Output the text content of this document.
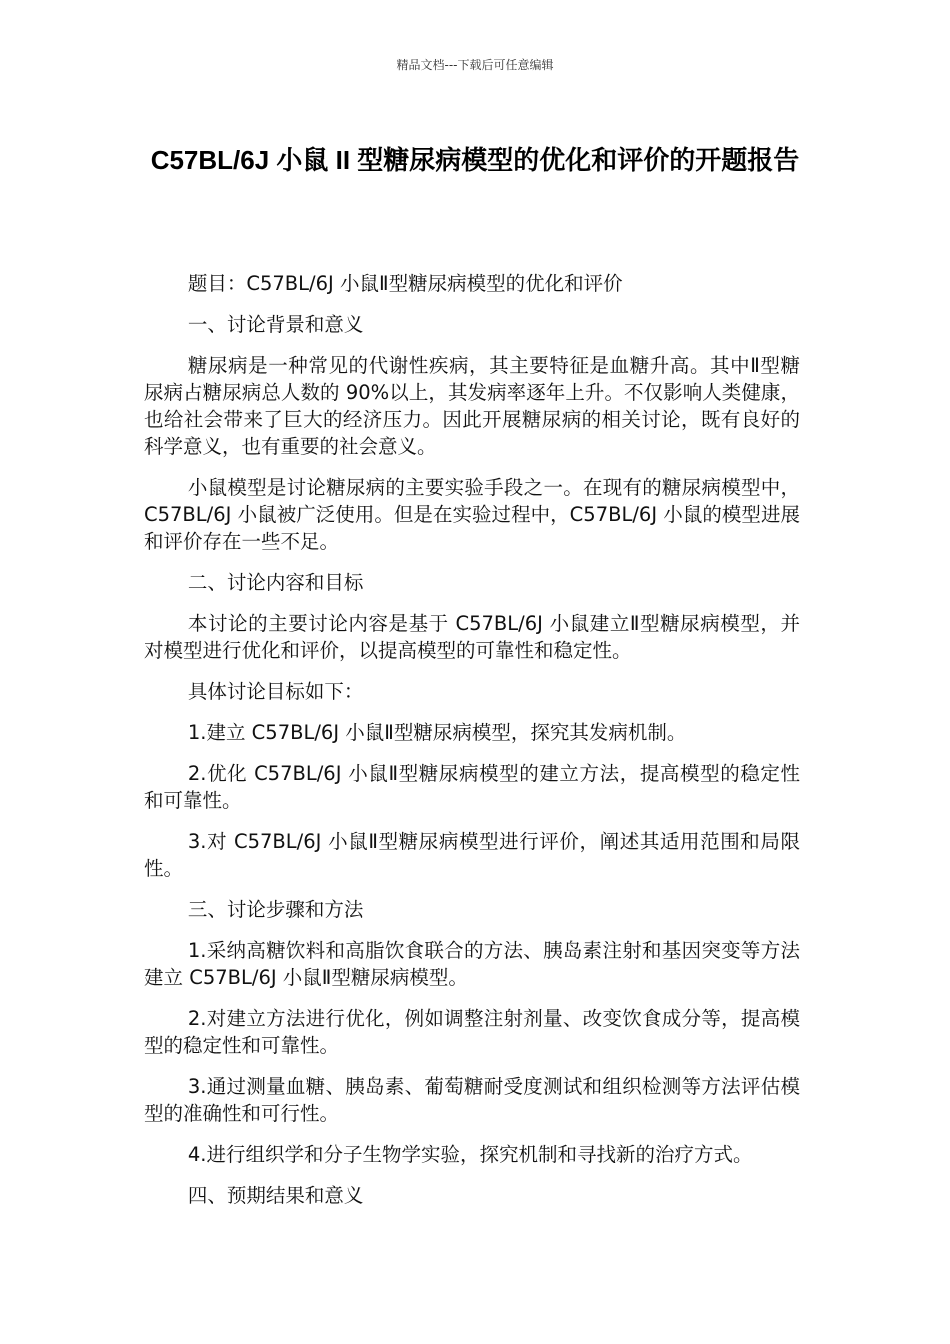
精品文档---下载后可任意编辑
C57BL/6J 小鼠 II 型糖尿病模型的优化和评价的开题报告

题目：C57BL/6J 小鼠Ⅱ型糖尿病模型的优化和评价

一、讨论背景和意义

糖尿病是一种常见的代谢性疾病，其主要特征是血糖升高。其中Ⅱ型糖尿病占糖尿病总人数的 90%以上，其发病率逐年上升。不仅影响人类健康，也给社会带来了巨大的经济压力。因此开展糖尿病的相关讨论，既有良好的科学意义，也有重要的社会意义。

小鼠模型是讨论糖尿病的主要实验手段之一。在现有的糖尿病模型中，C57BL/6J 小鼠被广泛使用。但是在实验过程中，C57BL/6J 小鼠的模型进展和评价存在一些不足。

二、讨论内容和目标

本讨论的主要讨论内容是基于 C57BL/6J 小鼠建立Ⅱ型糖尿病模型，并对模型进行优化和评价，以提高模型的可靠性和稳定性。

具体讨论目标如下：

1.建立 C57BL/6J 小鼠Ⅱ型糖尿病模型，探究其发病机制。

2.优化 C57BL/6J 小鼠Ⅱ型糖尿病模型的建立方法，提高模型的稳定性和可靠性。

3.对 C57BL/6J 小鼠Ⅱ型糖尿病模型进行评价，阐述其适用范围和局限性。

三、讨论步骤和方法

1.采纳高糖饮料和高脂饮食联合的方法、胰岛素注射和基因突变等方法建立 C57BL/6J 小鼠Ⅱ型糖尿病模型。

2.对建立方法进行优化，例如调整注射剂量、改变饮食成分等，提高模型的稳定性和可靠性。

3.通过测量血糖、胰岛素、葡萄糖耐受度测试和组织检测等方法评估模型的准确性和可行性。

4.进行组织学和分子生物学实验，探究机制和寻找新的治疗方式。

四、预期结果和意义
